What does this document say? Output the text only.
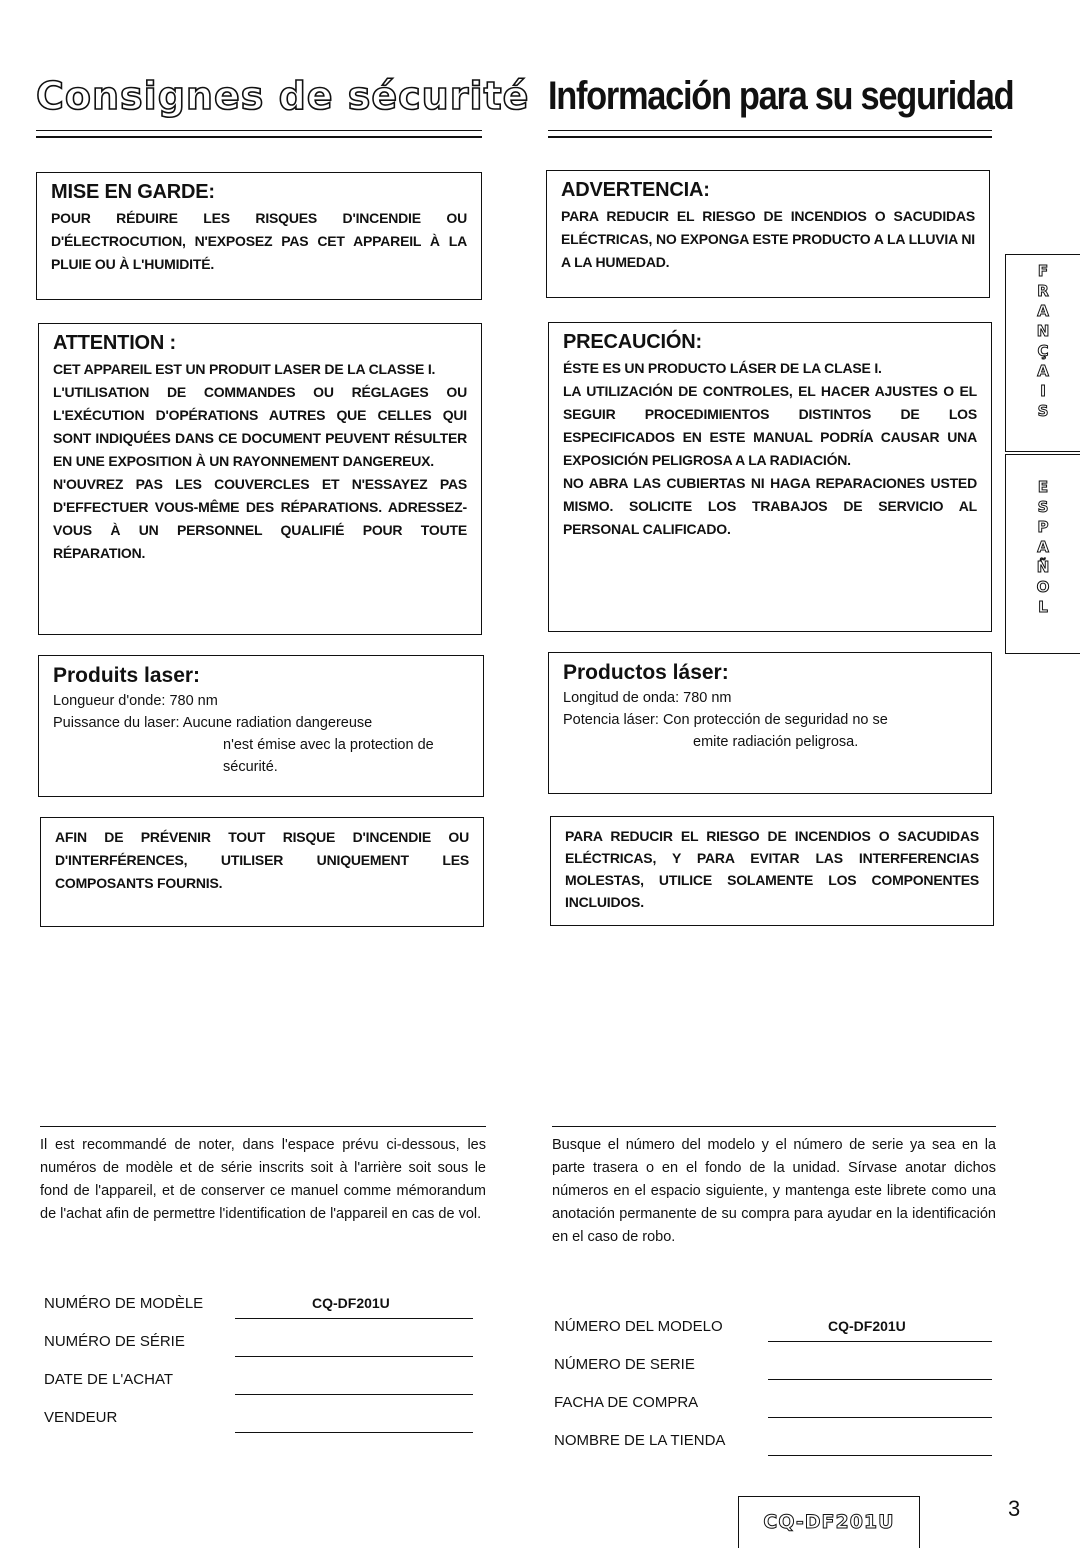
Consignes de sécurité Información para su seguridad
MISE EN GARDE:

POUR RÉDUIRE LES RISQUES D'INCENDIE OU D'ÉLECTROCUTION, N'EXPOSEZ PAS CET APPAREIL À LA PLUIE OU À L'HUMIDITÉ.

ATTENTION :

CET APPAREIL EST UN PRODUIT LASER DE LA CLASSE I.

L'UTILISATION DE COMMANDES OU RÉGLAGES OU L'EXÉCUTION D'OPÉRATIONS AUTRES QUE CELLES QUI SONT INDIQUÉES DANS CE DOCUMENT PEUVENT RÉSULTER EN UNE EXPOSITION À UN RAYONNEMENT DANGEREUX.

N'OUVREZ PAS LES COUVERCLES ET N'ESSAYEZ PAS D'EFFECTUER VOUS-MÊME DES RÉPARATIONS. ADRESSEZ-VOUS À UN PERSONNEL QUALIFIÉ POUR TOUTE RÉPARATION.

Produits laser:

Longueur d'onde: 780 nm

Puissance du laser: Aucune radiation dangereuse

n'est émise avec la protection de sécurité.

AFIN DE PRÉVENIR TOUT RISQUE D'INCENDIE OU D'INTERFÉRENCES, UTILISER UNIQUEMENT LES COMPOSANTS FOURNIS.

Il est recommandé de noter, dans l'espace prévu ci-dessous, les numéros de modèle et de série inscrits soit à l'arrière soit sous le fond de l'appareil, et de conserver ce manuel comme mémorandum de l'achat afin de permettre l'identification de l'appareil en cas de vol.
NUMÉRO DE MODÈLE	CQ-DF201U
NUMÉRO DE SÉRIE
DATE DE L'ACHAT
VENDEUR
ADVERTENCIA:

PARA REDUCIR EL RIESGO DE INCENDIOS O SACUDIDAS ELÉCTRICAS, NO EXPONGA ESTE PRODUCTO A LA LLUVIA NI A LA HUMEDAD.

PRECAUCIÓN:

ÉSTE ES UN PRODUCTO LÁSER DE LA CLASE I.

LA UTILIZACIÓN DE CONTROLES, EL HACER AJUSTES O EL SEGUIR PROCEDIMIENTOS DISTINTOS DE LOS ESPECIFICADOS EN ESTE MANUAL PODRÍA CAUSAR UNA EXPOSICIÓN PELIGROSA A LA RADIACIÓN.

NO ABRA LAS CUBIERTAS NI HAGA REPARACIONES USTED MISMO. SOLICITE LOS TRABAJOS DE SERVICIO AL PERSONAL CALIFICADO.

Productos láser:

Longitud de onda: 780 nm

Potencia láser: Con protección de seguridad no se

emite radiación peligrosa.

PARA REDUCIR EL RIESGO DE INCENDIOS O SACUDIDAS ELÉCTRICAS, Y PARA EVITAR LAS INTERFERENCIAS MOLESTAS, UTILICE SOLAMENTE LOS COMPONENTES INCLUIDOS.

Busque el número del modelo y el número de serie ya sea en la parte trasera o en el fondo de la unidad. Sírvase anotar dichos números en el espacio siguiente, y mantenga este librete como una anotación permanente de su compra para ayudar en la identificación en el caso de robo.
NÚMERO DEL MODELO	CQ-DF201U
NÚMERO DE SERIE
FACHA DE COMPRA
NOMBRE DE LA TIENDA
F
R
A
N
Ç
A
I
S
E
S
P
A
Ñ
O
L
CQ-DF201U
3
